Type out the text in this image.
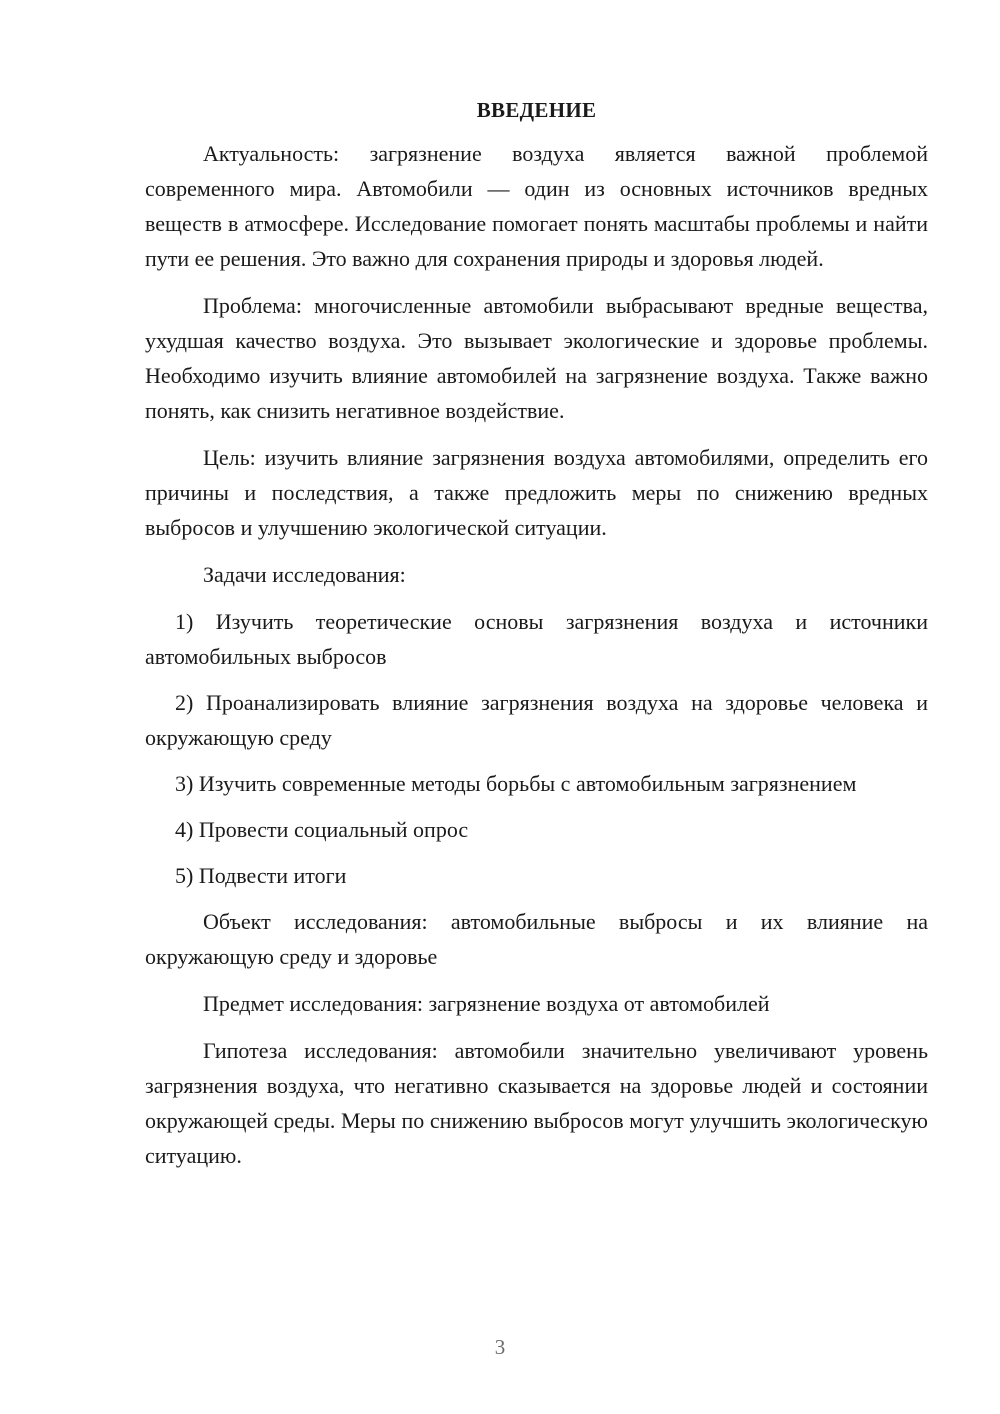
ВВЕДЕНИЕ

Актуальность: загрязнение воздуха является важной проблемой современного мира. Автомобили — один из основных источников вредных веществ в атмосфере. Исследование помогает понять масштабы проблемы и найти пути ее решения. Это важно для сохранения природы и здоровья людей.

Проблема: многочисленные автомобили выбрасывают вредные вещества, ухудшая качество воздуха. Это вызывает экологические и здоровье проблемы. Необходимо изучить влияние автомобилей на загрязнение воздуха. Также важно понять, как снизить негативное воздействие.

Цель: изучить влияние загрязнения воздуха автомобилями, определить его причины и последствия, а также предложить меры по снижению вредных выбросов и улучшению экологической ситуации.

Задачи исследования:

1) Изучить теоретические основы загрязнения воздуха и источники автомобильных выбросов

2) Проанализировать влияние загрязнения воздуха на здоровье человека и окружающую среду

3) Изучить современные методы борьбы с автомобильным загрязнением

4) Провести социальный опрос

5) Подвести итоги

Объект исследования: автомобильные выбросы и их влияние на окружающую среду и здоровье

Предмет исследования: загрязнение воздуха от автомобилей

Гипотеза исследования: автомобили значительно увеличивают уровень загрязнения воздуха, что негативно сказывается на здоровье людей и состоянии окружающей среды. Меры по снижению выбросов могут улучшить экологическую ситуацию.

3
